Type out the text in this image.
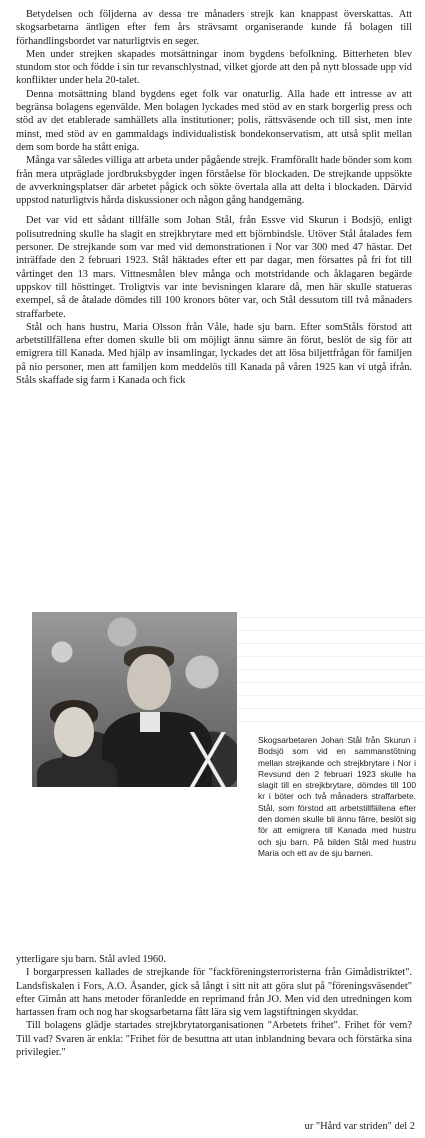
Betydelsen och följderna av dessa tre månaders strejk kan knappast överskattas. Att skogsarbetarna äntligen efter fem års strävsamt organiserande kunde få bolagen till förhandlingsbordet var naturligtvis en seger.

Men under strejken skapades motsättningar inom bygdens befolkning. Bitterheten blev stundom stor och födde i sin tur revanschlystnad, vilket gjorde att den på nytt blossade upp vid konflikter under hela 20-talet.

Denna motsättning bland bygdens eget folk var onaturlig. Alla hade ett intresse av att begränsa bolagens egenvälde. Men bolagen lyckades med stöd av en stark borgerlig press och stöd av det etablerade samhällets alla institutioner; polis, rättsväsende och till sist, men inte minst, med stöd av en gammaldags individualistisk bondekonservatism, att utså split mellan dem som borde ha stått eniga.

Många var således villiga att arbeta under pågående strejk. Framförallt hade bönder som kom från mera utpräglade jordbruksbygder ingen förståelse för blockaden. De strejkande uppsökte de avverkningsplatser där arbetet pågick och sökte övertala alla att delta i blockaden. Därvid uppstod naturligtvis hårda diskussioner och någon gång handgemäng.

Det var vid ett sådant tillfälle som Johan Stål, från Essve vid Skurun i Bodsjö, enligt polisutredning skulle ha slagit en strejkbrytare med ett björnbindsle. Utöver Stål åtalades fem personer. De strejkande som var med vid demonstrationen i Nor var 300 med 47 hästar. Det inträffade den 2 februari 1923. Stål häktades efter ett par dagar, men försattes på fri fot till vårtinget den 13 mars. Vittnesmålen blev många och motstridande och åklagaren begärde uppskov till hösttinget. Troligtvis var inte bevisningen klarare då, men här skulle statueras exempel, så de åtalade dömdes till 100 kronors böter var, och Stål dessutom till två månaders straffarbete.

Stål och hans hustru, Maria Olsson från Våle, hade sju barn. Efter somStåls förstod att arbetstillfällena efter domen skulle bli om möjligt ännu sämre än förut, beslöt de sig för att emigrera till Kanada. Med hjälp av insamlingar, lyckades det att lösa biljettfrågan för familjen på nio personer, men att familjen kom meddelös till Kanada på våren 1925 kan vi utgå ifrån. Ståls skaffade sig farm i Kanada och fick

Skogsarbetaren Johan Stål från Skurun i Bodsjö som vid en sammanstötning mellan strejkande och strejkbrytare i Nor i Revsund den 2 februari 1923 skulle ha slagit till en strejkbrytare, dömdes till 100 kr i böter och två månaders straffarbete. Stål, som förstod att arbetstillfällena efter den domen skulle bli ännu färre, beslöt sig för att emigrera till Kanada med hustru och sju barn. På bilden Stål med hustru Maria och ett av de sju barnen.

ytterligare sju barn. Stål avled 1960.

I borgarpressen kallades de strejkande för "fackföreningsterroristerna från Gimådistriktet". Landsfiskalen i Fors, A.O. Åsander, gick så långt i sitt nit att göra slut på "föreningsväsendet" efter Gimån att hans metoder föranledde en reprimand från JO. Men vid den utredningen kom hartassen fram och nog har skogsarbetarna fått lära sig vem lagstiftningen skyddar.

Till bolagens glädje startades strejkbrytatorganisationen "Arbetets frihet". Frihet för vem? Till vad? Svaren är enkla: "Frihet för de besuttna att utan inblandning bevara och förstärka sina privilegier."

ur "Hård var striden" del 2
